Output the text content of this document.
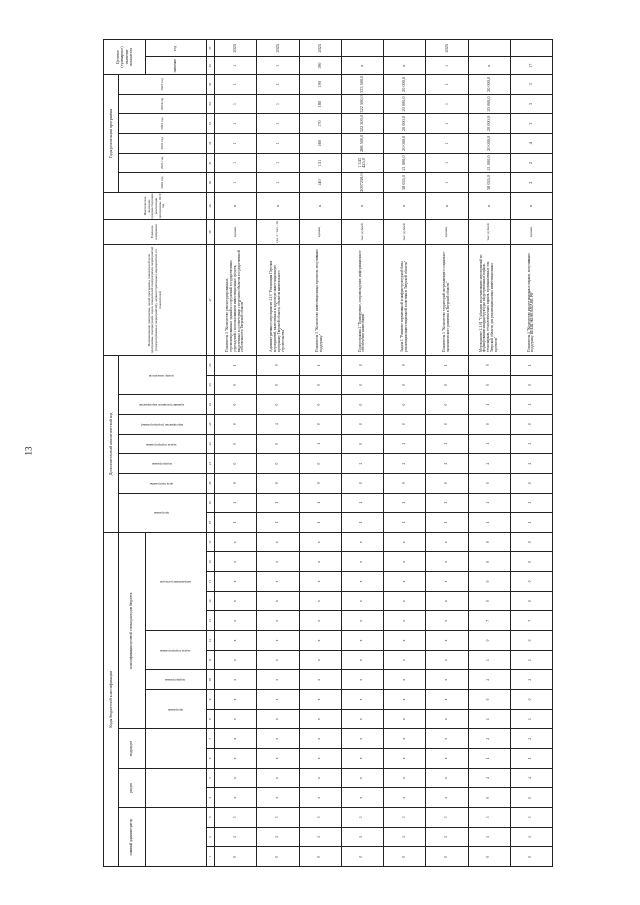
13
Коды бюджетной классификации																	Дополнительный аналитический код									Наименование программы, целей программы, показателей цели программы, подпрограмм, задач, показателей подпрограмм, мероприятий (подпрограммных мероприятий), административных мероприятий, их показателей	Единица измерения	Фактическое значение, предшествующее реализации программы, 2019 год	Годы реализации программы						Целевое (суммарное) значение показателя	
главный администратор			раздел		подраздел		классификация целевой статьи расходов бюджета										программа		цель программы	подпрограмма	задача подпрограммы	мероприятие (подпрограммы)	административное мероприятие	номер показателя					2020 год	2021 год	2022 год	2023 год	2024 год	2025 год		
							программа		подпрограмма	задача подпрограммы		направление расходов																							значение	год
1	2	3	4	5	6	7	8	9	10	11	12	13	14	15	16	17	18	19	20	21	22	23	24	25	26	27	28	29	30	31	32	33	34	35	36	37
0	1	3	х	х	х	х	х	х	х	х	х	х	х	х	х	х	1	1	0	0	0	0	0	0	1	Показатель 1 "Количество реконструированных, отремонтированных зданий и сооружений государственных учреждений с использованием инвестиционных средств, выделенных в соответствии с перечнем объектов государственной собственности Тверской области"	единиц	х	1	1	1	1	1	1	1	2025
0	1	3	х	х	х	х	х	х	х	х	х	х	х	х	х	х	1	1	0	0	0	4	0	0	0	Административное мероприятие 4.10 "Реализация Перечня мероприятий, включенных в адресную инвестиционную программу Тверской области, объектов капитального строительства"	(да -1 / нет - 0)	х	1	1	1	1	1	1	1	2025
0	1	3	х	х	х	х	х	х	х	х	х	х	х	х	х	х	1	1	0	0	1	0	0	0	1	Показатель 1 "Количество инвестиционных проектов, получивших поддержку"	единиц	х	140	151	160	170	180	190	190	2025
0	1	3	х	х	х	х	х	х	х	х	х	х	х	х	х	х	1	1	0	2	0	0	0	0	0	Подпрограмма 2 "Привлечение, сопровождение, информационное обеспечение инвестиций"	тыс. рублей	х	2097258,0	1 343 425,0	268 500,0	322 500,0	322 500,0	333 500,0	х	
0	1	3	х	х	х	х	х	х	х	х	х	х	х	х	х	х	1	1	0	2	1	0	0	0	0	Задача 1 "Развитие нормативной и инфраструктурной базы реализации инвестиционной политики в Тверской области"	тыс. рублей	х	38 055,0	21 000,0	20 000,0	20 000,0	20 000,0	20 000,0	х	
0	1	3	х	х	х	х	х	х	х	х	х	х	х	х	х	х	1	1	0	2	1	0	0	0	1	Показатель 1 "Количество территорий опережающего социально-экономического развития в Тверской области"	единиц	х	1	1	1	1	1	1	1	2025
0	1	3	0	4	1	2	1	0	2	1	0	7	0	0	0	0	1	1	0	2	1	0	1	0	0	Мероприятие 2.1.01 "Субсидии на реализацию мероприятий по формированию инфраструктуры индустриальных парков, технопарков, технологических парков, промышленных зон Тверской области для реализации новых инвестиционных проектов"	тыс. рублей	х	38 055,0	21 000,0	20 000,0	20 000,0	20 000,0	20 000,0	х	
0	1	3	0	4	1	2	1	0	2	1	0	7	0	0	0	0	1	1	0	2	1	0	1	0	1	Показатель 1 "Количество индустриальных парков, получивших поддержку ВНЕШЭКОНОМБАНК РФ"	единиц	х	2	2	4	3	3	3	17	
